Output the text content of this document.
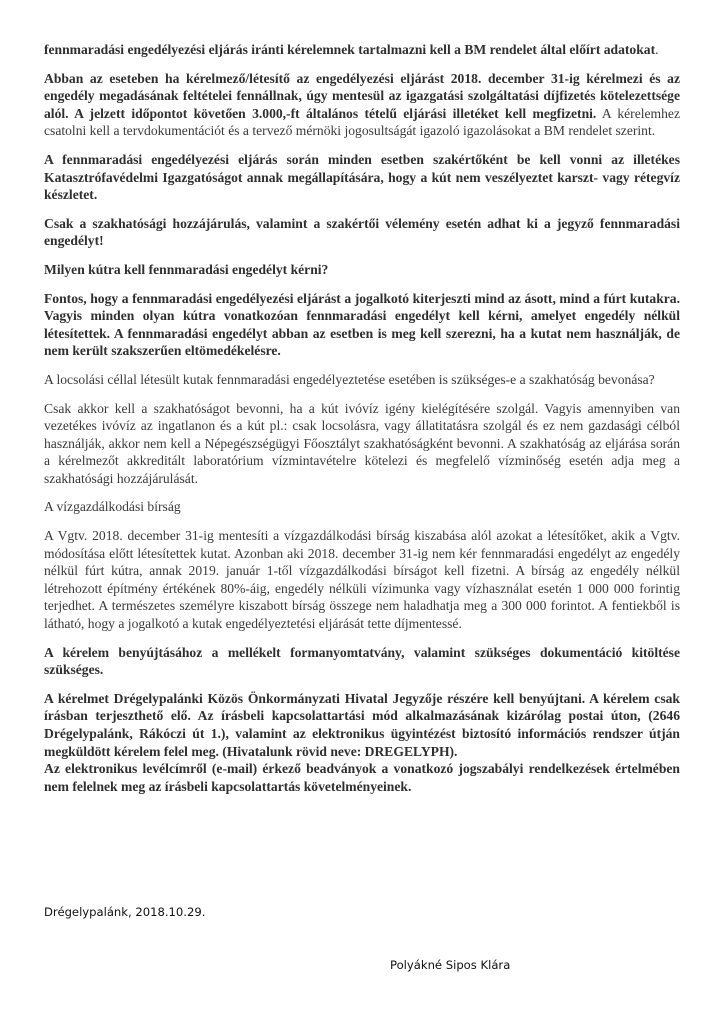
fennmaradási engedélyezési eljárás iránti kérelemnek tartalmazni kell a BM rendelet által előírt adatokat.

Abban az eseteben ha kérelmező/létesítő az engedélyezési eljárást 2018. december 31-ig kérelmezi és az engedély megadásának feltételei fennállnak, úgy mentesül az igazgatási szolgáltatási díjfizetés kötelezettsége alól. A jelzett időpontot követően 3.000,-ft általános tételű eljárási illetéket kell megfizetni. A kérelemhez csatolni kell a tervdokumentációt és a tervező mérnöki jogosultságát igazoló igazolásokat a BM rendelet szerint.

A fennmaradási engedélyezési eljárás során minden esetben szakértőként be kell vonni az illetékes Katasztrófavédelmi Igazgatóságot annak megállapítására, hogy a kút nem veszélyeztet karszt- vagy rétegvíz készletet.

Csak a szakhatósági hozzájárulás, valamint a szakértői vélemény esetén adhat ki a jegyző fennmaradási engedélyt!

Milyen kútra kell fennmaradási engedélyt kérni?

Fontos, hogy a fennmaradási engedélyezési eljárást a jogalkotó kiterjeszti mind az ásott, mind a fúrt kutakra. Vagyis minden olyan kútra vonatkozóan fennmaradási engedélyt kell kérni, amelyet engedély nélkül létesítettek. A fennmaradási engedélyt abban az esetben is meg kell szerezni, ha a kutat nem használják, de nem került szakszerűen eltömedékelésre.

A locsolási céllal létesült kutak fennmaradási engedélyeztetése esetében is szükséges-e a szakhatóság bevonása?

Csak akkor kell a szakhatóságot bevonni, ha a kút ivóvíz igény kielégítésére szolgál. Vagyis amennyiben van vezetékes ivóvíz az ingatlanon és a kút pl.: csak locsolásra, vagy állatitatásra szolgál és ez nem gazdasági célból használják, akkor nem kell a Népegészségügyi Főosztályt szakhatóságként bevonni. A szakhatóság az eljárása során a kérelmezőt akkreditált laboratórium vízmintavételre kötelezi és megfelelő vízminőség esetén adja meg a szakhatósági hozzájárulását.

A vízgazdálkodási bírság

A Vgtv. 2018. december 31-ig mentesíti a vízgazdálkodási bírság kiszabása alól azokat a létesítőket, akik a Vgtv. módosítása előtt létesítettek kutat. Azonban aki 2018. december 31-ig nem kér fennmaradási engedélyt az engedély nélkül fúrt kútra, annak 2019. január 1-től vízgazdálkodási bírságot kell fizetni. A bírság az engedély nélkül létrehozott építmény értékének 80%-áig, engedély nélküli vízimunka vagy vízhasználat esetén 1 000 000 forintig terjedhet. A természetes személyre kiszabott bírság összege nem haladhatja meg a 300 000 forintot. A fentiekből is látható, hogy a jogalkotó a kutak engedélyeztetési eljárását tette díjmentessé.

A kérelem benyújtásához a mellékelt formanyomtatvány, valamint szükséges dokumentáció kitöltése szükséges.

A kérelmet Drégelypalánki Közös Önkormányzati Hivatal Jegyzője részére kell benyújtani. A kérelem csak írásban terjeszthető elő. Az írásbeli kapcsolattartási mód alkalmazásának kizárólag postai úton, (2646 Drégelypalánk, Rákóczi út 1.), valamint az elektronikus ügyintézést biztosító információs rendszer útján megküldött kérelem felel meg. (Hivatalunk rövid neve: DREGELYPH).

Az elektronikus levélcímről (e-mail) érkező beadványok a vonatkozó jogszabályi rendelkezések értelmében nem felelnek meg az írásbeli kapcsolattartás követelményeinek.

Drégelypalánk, 2018.10.29.
Polyákné Sipos Klára
